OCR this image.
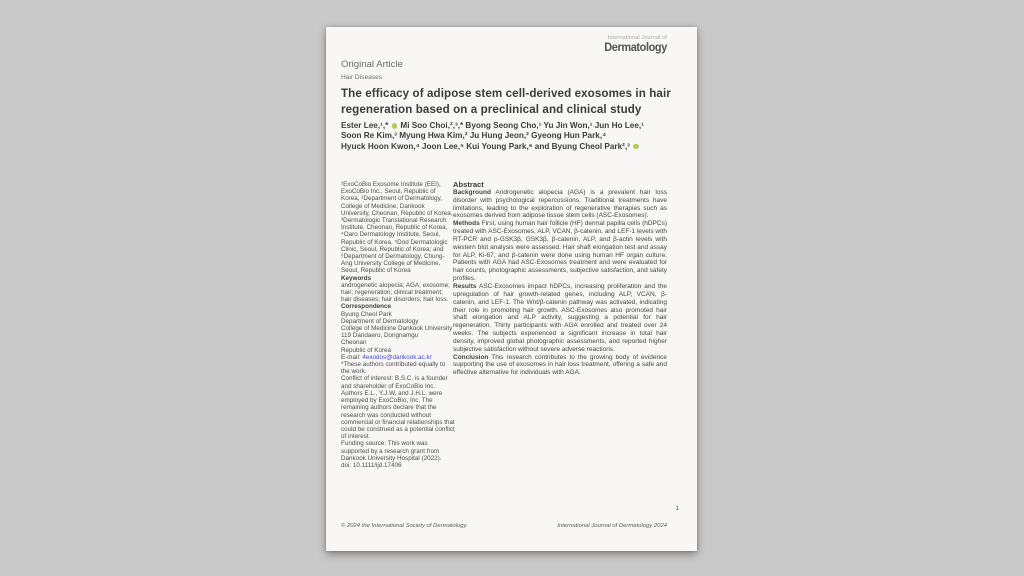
International Journal of
Dermatology
Original Article
Hair Diseases
The efficacy of adipose stem cell-derived exosomes in hair
regeneration based on a preclinical and clinical study
Ester Lee,¹,* Mi Soo Choi,²,³,* Byong Seong Cho,¹ Yu Jin Won,¹ Jun Ho Lee,¹
Soon Re Kim,³ Myung Hwa Kim,² Ju Hung Jeon,² Gyeong Hun Park,⁴
Hyuck Hoon Kwon,⁴ Joon Lee,⁵ Kui Young Park,⁶ and Byung Cheol Park²,³

¹ExoCoBio Exosome Institute (EEI), ExoCoBio Inc., Seoul, Republic of Korea, ²Department of Dermatology, College of Medicine, Dankook University, Cheonan, Republic of Korea, ³Dermatologic Translational Research Institute, Cheonan, Republic of Korea, ⁴Oaro Dermatology Institute, Seoul, Republic of Korea, ⁵Dod Dermatologic Clinic, Seoul, Republic of Korea; and ⁶Department of Dermatology, Chung-Ang University College of Medicine, Seoul, Republic of Korea

Keywords

androgenetic alopecia; AGA; exosome; hair; regeneration; clinical treatment; hair diseases; hair disorders; hair loss.

Correspondence

Byung Cheol Park
Department of Dermatology
College of Medicine Dankook University
119 Dandaero, Dongnamgu
Cheonan
Republic of Korea
E-mail: 4exodos@dankook.ac.kr

*These authors contributed equally to the work.

Conflict of interest: B.S.C. is a founder and shareholder of ExoCoBio Inc. Authors E.L., Y.J.W, and J.H.L. were employed by ExoCoBio, Inc. The remaining authors declare that the research was conducted without commercial or financial relationships that could be construed as a potential conflict of interest.

Funding source: This work was supported by a research grant from Dankook University Hospital (2022).

doi: 10.1111/ijd.17406

Abstract

Background Androgenetic alopecia (AGA) is a prevalent hair loss disorder with psychological repercussions. Traditional treatments have limitations, leading to the exploration of regenerative therapies such as exosomes derived from adipose tissue stem cells (ASC-Exosomes).

Methods First, using human hair follicle (HF) dermal papilla cells (hDPCs) treated with ASC-Exosomes, ALP, VCAN, β-catenin, and LEF-1 levels with RT-PCR and p-GSK3β, GSK3β, β-catenin, ALP, and β-actin levels with western blot analysis were assessed. Hair shaft elongation test and assay for ALP, Ki-67, and β-catenin were done using human HF organ culture. Patients with AGA had ASC-Exosomes treatment and were evaluated for hair counts, photographic assessments, subjective satisfaction, and safety profiles.

Results ASC-Exosomes impact hDPCs, increasing proliferation and the upregulation of hair growth-related genes, including ALP, VCAN, β-catenin, and LEF-1. The Wnt/β-catenin pathway was activated, indicating their role in promoting hair growth. ASC-Exosomes also promoted hair shaft elongation and ALP activity, suggesting a potential for hair regeneration. Thirty participants with AGA enrolled and treated over 24 weeks. The subjects experienced a significant increase in total hair density, improved global photographic assessments, and reported higher subjective satisfaction without severe adverse reactions.

Conclusion This research contributes to the growing body of evidence supporting the use of exosomes in hair loss treatment, offering a safe and effective alternative for individuals with AGA.

1
© 2024 the International Society of Dermatology.	International Journal of Dermatology 2024
